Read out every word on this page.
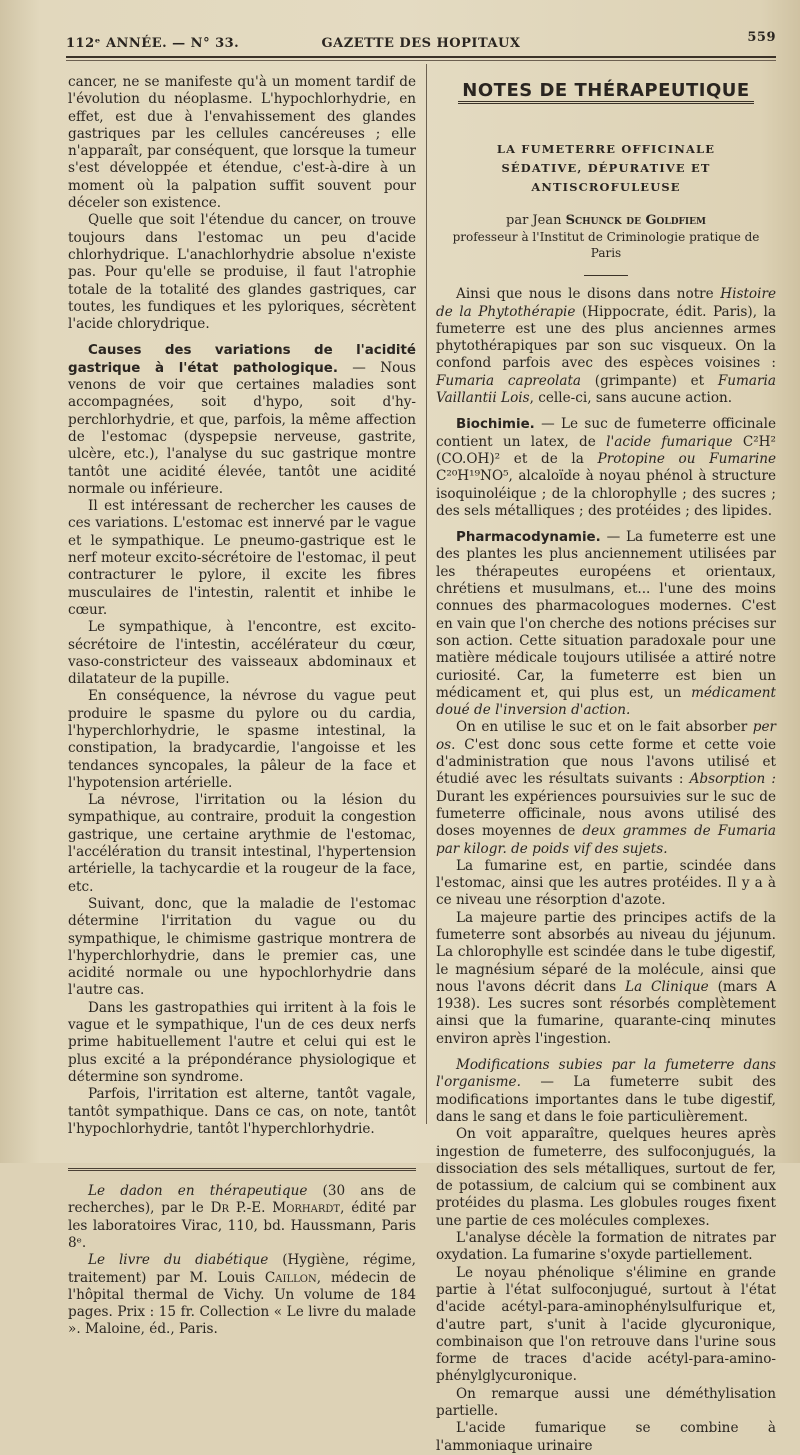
112ᵉ ANNÉE. — N° 33.	GAZETTE DES HOPITAUX	559

cancer, ne se manifeste qu'à un moment tardif de l'évolution du néoplasme. L'hypochlorhydrie, en effet, est due à l'envahissement des glandes gastriques par les cellules cancéreuses ; elle n'apparaît, par conséquent, que lorsque la tumeur s'est développée et étendue, c'est-à-dire à un moment où la palpation suffit souvent pour déceler son existence.

Quelle que soit l'étendue du cancer, on trouve toujours dans l'estomac un peu d'acide chlorhydrique. L'anachlorhydrie absolue n'existe pas. Pour qu'elle se produise, il faut l'atrophie totale de la totalité des glandes gastriques, car toutes, les fundiques et les pyloriques, sécrètent l'acide chlorydrique.

Causes des variations de l'acidité gastrique à l'état pathologique. — Nous venons de voir que certaines maladies sont accompagnées, soit d'hypo, soit d'hyperchlorhydrie, et que, parfois, la même affection de l'estomac (dyspepsie nerveuse, gastrite, ulcère, etc.), l'analyse du suc gastrique montre tantôt une acidité élevée, tantôt une acidité normale ou inférieure.

Il est intéressant de rechercher les causes de ces variations. L'estomac est innervé par le vague et le sympathique. Le pneumo-gastrique est le nerf moteur excito-sécrétoire de l'estomac, il peut contracturer le pylore, il excite les fibres musculaires de l'intestin, ralentit et inhibe le cœur.

Le sympathique, à l'encontre, est excito-sécrétoire de l'intestin, accélérateur du cœur, vaso-constricteur des vaisseaux abdominaux et dilatateur de la pupille.

En conséquence, la névrose du vague peut produire le spasme du pylore ou du cardia, l'hyperchlorhydrie, le spasme intestinal, la constipation, la bradycardie, l'angoisse et les tendances syncopales, la pâleur de la face et l'hypotension artérielle.

La névrose, l'irritation ou la lésion du sympathique, au contraire, produit la congestion gastrique, une certaine arythmie de l'estomac, l'accélération du transit intestinal, l'hypertension artérielle, la tachycardie et la rougeur de la face, etc.

Suivant, donc, que la maladie de l'estomac détermine l'irritation du vague ou du sympathique, le chimisme gastrique montrera de l'hyperchlorhydrie, dans le premier cas, une acidité normale ou une hypochlorhydrie dans l'autre cas.

Dans les gastropathies qui irritent à la fois le vague et le sympathique, l'un de ces deux nerfs prime habituellement l'autre et celui qui est le plus excité a la prépondérance physiologique et détermine son syndrome.

Parfois, l'irritation est alterne, tantôt vagale, tantôt sympathique. Dans ce cas, on note, tantôt l'hypochlorhydrie, tantôt l'hyperchlorhydrie.

Le dadon en thérapeutique (30 ans de recherches), par le Dr P.-E. Morhardt, édité par les laboratoires Virac, 110, bd. Haussmann, Paris 8ᵉ.

Le livre du diabétique (Hygiène, régime, traitement) par M. Louis Caillon, médecin de l'hôpital thermal de Vichy. Un volume de 184 pages. Prix : 15 fr. Collection « Le livre du malade ». Maloine, éd., Paris.

NOTES DE THÉRAPEUTIQUE
LA FUMETERRE OFFICINALE
SÉDATIVE, DÉPURATIVE ET ANTISCROFULEUSE
par Jean Schunck de Goldfiem
professeur à l'Institut de Criminologie pratique de Paris

Ainsi que nous le disons dans notre Histoire de la Phytothérapie (Hippocrate, édit. Paris), la fumeterre est une des plus anciennes armes phytothérapiques par son suc visqueux. On la confond parfois avec des espèces voisines : Fumaria capreolata (grimpante) et Fumaria Vaillantii Lois, celle-ci, sans aucune action.

Biochimie. — Le suc de fumeterre officinale contient un latex, de l'acide fumarique C²H² (CO.OH)² et de la Protopine ou Fumarine C²⁰H¹⁹NO⁵, alcaloïde à noyau phénol à structure isoquinoléique ; de la chlorophylle ; des sucres ; des sels métalliques ; des protéides ; des lipides.

Pharmacodynamie. — La fumeterre est une des plantes les plus anciennement utilisées par les thérapeutes européens et orientaux, chrétiens et musulmans, et... l'une des moins connues des pharmacologues modernes. C'est en vain que l'on cherche des notions précises sur son action. Cette situation paradoxale pour une matière médicale toujours utilisée a attiré notre curiosité. Car, la fumeterre est bien un médicament et, qui plus est, un médicament doué de l'inversion d'action.

On en utilise le suc et on le fait absorber per os. C'est donc sous cette forme et cette voie d'administration que nous l'avons utilisé et étudié avec les résultats suivants : Absorption : Durant les expériences poursuivies sur le suc de fumeterre officinale, nous avons utilisé des doses moyennes de deux grammes de Fumaria par kilogr. de poids vif des sujets.

La fumarine est, en partie, scindée dans l'estomac, ainsi que les autres protéides. Il y a à ce niveau une résorption d'azote.

La majeure partie des principes actifs de la fumeterre sont absorbés au niveau du jéjunum. La chlorophylle est scindée dans le tube digestif, le magnésium séparé de la molécule, ainsi que nous l'avons décrit dans La Clinique (mars A 1938). Les sucres sont résorbés complètement ainsi que la fumarine, quarante-cinq minutes environ après l'ingestion.

Modifications subies par la fumeterre dans l'organisme. — La fumeterre subit des modifications importantes dans le tube digestif, dans le sang et dans le foie particulièrement.

On voit apparaître, quelques heures après ingestion de fumeterre, des sulfoconjugués, la dissociation des sels métalliques, surtout de fer, de potassium, de calcium qui se combinent aux protéides du plasma. Les globules rouges fixent une partie de ces molécules complexes.

L'analyse décèle la formation de nitrates par oxydation. La fumarine s'oxyde partiellement.

Le noyau phénolique s'élimine en grande partie à l'état sulfoconjugué, surtout à l'état d'acide acétyl-para-aminophénylsulfurique et, d'autre part, s'unit à l'acide glycuronique, combinaison que l'on retrouve dans l'urine sous forme de traces d'acide acétyl-para-amino-phénylglycuronique.

On remarque aussi une déméthylisation partielle.

L'acide fumarique se combine à l'ammoniaque urinaire
